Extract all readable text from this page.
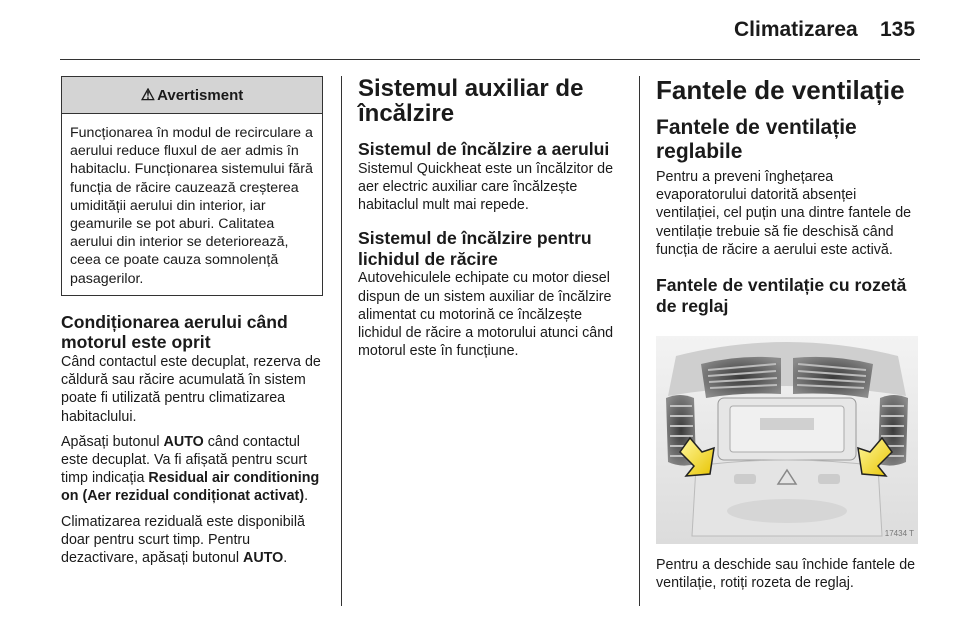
Climatizarea 135
⚠ Avertisment
Funcționarea în modul de recirculare a aerului reduce fluxul de aer admis în habitaclu. Funcționarea sistemului fără funcția de răcire cauzează creșterea umidității aerului din interior, iar geamurile se pot aburi. Calitatea aerului din interior se deteriorează, ceea ce poate cauza somnolență pasagerilor.
Condiționarea aerului când motorul este oprit

Când contactul este decuplat, rezerva de căldură sau răcire acumulată în sistem poate fi utilizată pentru climatizarea habitaclului.

Apăsați butonul AUTO când contactul este decuplat. Va fi afișată pentru scurt timp indicația Residual air conditioning on (Aer rezidual condiționat activat).

Climatizarea reziduală este disponibilă doar pentru scurt timp. Pentru dezactivare, apăsați butonul AUTO.

Sistemul auxiliar de încălzire
Sistemul de încălzire a aerului

Sistemul Quickheat este un încălzitor de aer electric auxiliar care încălzește habitaclul mult mai repede.

Sistemul de încălzire pentru lichidul de răcire

Autovehiculele echipate cu motor diesel dispun de un sistem auxiliar de încălzire alimentat cu motorină ce încălzește lichidul de răcire a motorului atunci când motorul este în funcțiune.

Fantele de ventilație
Fantele de ventilație reglabile

Pentru a preveni înghețarea evaporatorului datorită absenței ventilației, cel puțin una dintre fantele de ventilație trebuie să fie deschisă când funcția de răcire a aerului este activă.

Fantele de ventilație cu rozetă de reglaj
17434 T

Pentru a deschide sau închide fantele de ventilație, rotiți rozeta de reglaj.
